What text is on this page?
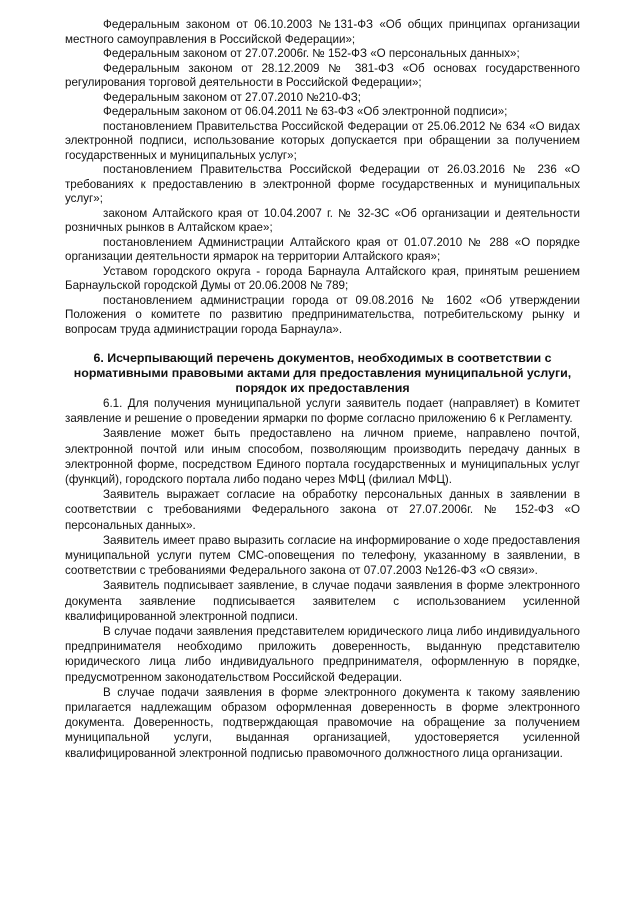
Федеральным законом от 06.10.2003 №131-ФЗ «Об общих принципах организации местного самоуправления в Российской Федерации»;

Федеральным законом от 27.07.2006г. № 152-ФЗ «О персональных данных»;

Федеральным законом от 28.12.2009 № 381-ФЗ «Об основах государственного регулирования торговой деятельности в Российской Федерации»;

Федеральным законом от 27.07.2010 №210-ФЗ;

Федеральным законом от 06.04.2011 № 63-ФЗ «Об электронной подписи»;

постановлением Правительства Российской Федерации от 25.06.2012 № 634 «О видах электронной подписи, использование которых допускается при обращении за получением государственных и муниципальных услуг»;

постановлением Правительства Российской Федерации от 26.03.2016 № 236 «О требованиях к предоставлению в электронной форме государственных и муниципальных услуг»;

законом Алтайского края от 10.04.2007 г. № 32-ЗС «Об организации и деятельности розничных рынков в Алтайском крае»;

постановлением Администрации Алтайского края от 01.07.2010 № 288 «О порядке организации деятельности ярмарок на территории Алтайского края»;

Уставом городского округа - города Барнаула Алтайского края, принятым решением Барнаульской городской Думы от 20.06.2008 № 789;

постановлением администрации города от 09.08.2016 № 1602 «Об утверждении Положения о комитете по развитию предпринимательства, потребительскому рынку и вопросам труда администрации города Барнаула».

6. Исчерпывающий перечень документов, необходимых в соответствии с нормативными правовыми актами для предоставления муниципальной услуги, порядок их предоставления

6.1. Для получения муниципальной услуги заявитель подает (направляет) в Комитет заявление и решение о проведении ярмарки по форме согласно приложению 6 к Регламенту.

Заявление может быть предоставлено на личном приеме, направлено почтой, электронной почтой или иным способом, позволяющим производить передачу данных в электронной форме, посредством Единого портала государственных и муниципальных услуг (функций), городского портала либо подано через МФЦ (филиал МФЦ).

Заявитель выражает согласие на обработку персональных данных в заявлении в соответствии с требованиями Федерального закона от 27.07.2006г. № 152-ФЗ «О персональных данных».

Заявитель имеет право выразить согласие на информирование о ходе предоставления муниципальной услуги путем СМС-оповещения по телефону, указанному в заявлении, в соответствии с требованиями Федерального закона от 07.07.2003 №126-ФЗ «О связи».

Заявитель подписывает заявление, в случае подачи заявления в форме электронного документа заявление подписывается заявителем с использованием усиленной квалифицированной электронной подписи.

В случае подачи заявления представителем юридического лица либо индивидуального предпринимателя необходимо приложить доверенность, выданную представителю юридического лица либо индивидуального предпринимателя, оформленную в порядке, предусмотренном законодательством Российской Федерации.

В случае подачи заявления в форме электронного документа к такому заявлению прилагается надлежащим образом оформленная доверенность в форме электронного документа. Доверенность, подтверждающая правомочие на обращение за получением муниципальной услуги, выданная организацией, удостоверяется усиленной квалифицированной электронной подписью правомочного должностного лица организации.
